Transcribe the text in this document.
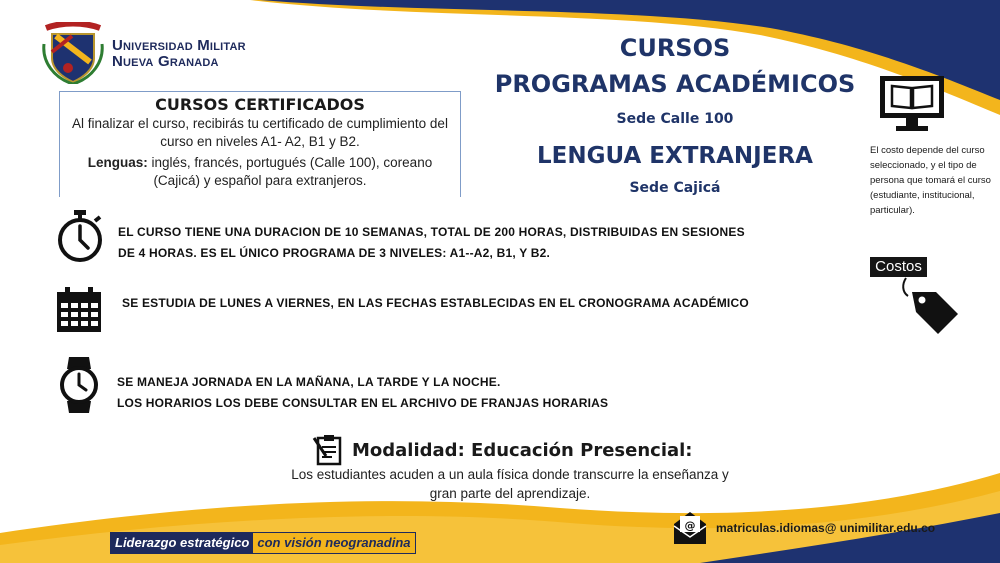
Universidad Militar
Nueva Granada	CURSOS
PROGRAMAS ACADÉMICOS
Sede Calle 100
LENGUA EXTRANJERA
Sede Cajicá
CURSOS CERTIFICADOS
Al finalizar el curso, recibirás tu certificado de cumplimiento del curso en niveles A1- A2, B1 y B2.
Lenguas: inglés, francés, portugués (Calle 100), coreano (Cajicá) y español para extranjeros.
EL CURSO TIENE UNA DURACION DE 10 SEMANAS, TOTAL DE 200 HORAS, DISTRIBUIDAS EN SESIONES DE 4 HORAS. ES EL ÚNICO PROGRAMA DE 3 NIVELES: A1--A2, B1, Y B2.
SE ESTUDIA DE LUNES A VIERNES, EN LAS FECHAS ESTABLECIDAS EN EL CRONOGRAMA ACADÉMICO
SE MANEJA JORNADA EN LA MAÑANA, LA TARDE Y LA NOCHE.
LOS HORARIOS LOS DEBE CONSULTAR EN EL ARCHIVO DE FRANJAS HORARIAS
El costo depende del curso seleccionado, y el tipo de persona que tomará el curso (estudiante, institucional, particular).
Costos
Modalidad: Educación Presencial:
Los estudiantes acuden a un aula física donde transcurre la enseñanza y gran parte del aprendizaje.
Liderazgo estratégico con visión neogranadina
@ matriculas.idiomas@ unimilitar.edu.co
